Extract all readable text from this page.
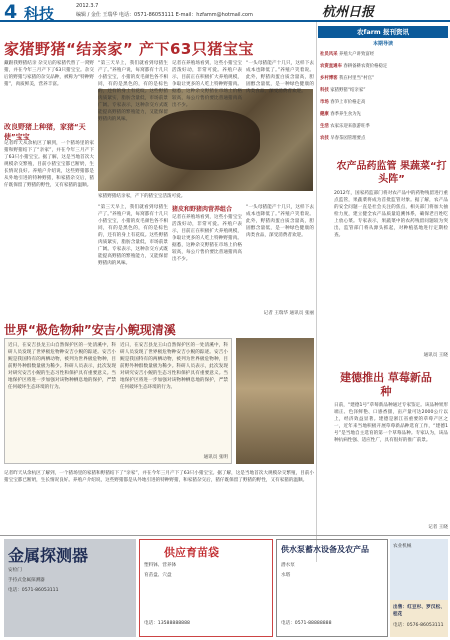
4 科技	2012.3.7
编辑 / 金仕 王瑞华 电话：0571-86053111 E-mail：hzfamm@hotmail.com	杭州日报
家猪野猪“结亲家” 产下63只猪宝宝
藏跟我野猪结亲 杂交后的家猪代替了一窝野猪，并在今年三月产下了63只猪宝宝。杂交后的野猪与家猪的杂交品种，被称为“特种野猪”，肉质鲜美，营养丰富。
改良野猪上种猪，家猪“天使”宝宝
记者昨天从余杭区了解到，一个猪场里的家猪和野猪结下了“亲家”，并在今年三月产下了63只小猪宝宝。据了解，这是当地首次大规模杂交繁殖，目前小猪宝宝都已断奶，生长情况良好。养殖户介绍说，这些野猪都是从外地引进的特种野猪，和家猪杂交后，猪仔既保留了野猪的野性，又有家猪的温顺。
家猪野猪结亲家，产下的猪宝宝活泼可爱。
“第三天早上，我们就看到母猪生产了。”养殖户说，每窝都有十几只小猪宝宝，小猪的皮毛颜色各不相同，有的是黑色的，有的是棕色的，还有的身上有花纹。这些野猪肉质紧实，脂肪含量低，市场前景广阔。专家表示，这种杂交方式既能提高野猪的繁殖能力，又能保留野猪肉的风味。
记者在养殖场看到，这些小猪宝宝活泼好动，非常可爱。养殖户表示，目前正在积极扩大养殖规模，争取让更多的人吃上特种野猪肉。据悉，这种杂交野猪在市场上价格较高，每公斤售价要比普通猪肉高出不少。
“一头母猪能产十几只，这样下去成本也降低了。”养殖户笑着说。此外，野猪肉蛋白质含量高，胆固醇含量低，是一种绿色健康的肉类食品，深受消费者欢迎。
“第三天早上，我们就看到母猪生产了。”养殖户说，每窝都有十几只小猪宝宝，小猪的皮毛颜色各不相同，有的是黑色的，有的是棕色的，还有的身上有花纹。这些野猪肉质紧实，脂肪含量低，市场前景广阔。专家表示，这种杂交方式既能提高野猪的繁殖能力，又能保留野猪肉的风味。
猪皮和野猪肉营养组合
记者在养殖场看到，这些小猪宝宝活泼好动，非常可爱。养殖户表示，目前正在积极扩大养殖规模，争取让更多的人吃上特种野猪肉。据悉，这种杂交野猪在市场上价格较高，每公斤售价要比普通猪肉高出不少。
“一头母猪能产十几只，这样下去成本也降低了。”养殖户笑着说。此外，野猪肉蛋白质含量高，胆固醇含量低，是一种绿色健康的肉类食品，深受消费者欢迎。
记者 王瑞华 通讯员 张丽
农farm 报刊资讯
本期导读
社员风采 养殖大户讲致富经
农资直通车 春耕备耕农资价格稳定
乡村博客 我在村里当“村官”
科技 家猪野猪“结亲家”
市场 春笋上市价格走高
健康 春季养生食为先
生活 农家乐迎来旅游旺季
农技 早春茶园管理要点
农产品药监管 果蔬菜“打头阵”
2012年，国家药监部门将对农产品中的药物残留进行重点监管，果蔬菜将成为首批监管对象。据了解，农产品的安全问题一直是社会关注的焦点，相关部门将加大抽检力度，建立健全农产品质量追溯体系，确保老百姓吃上放心菜。专家表示，果蔬菜中的农药残留问题较为突出，监管部门将从源头抓起，对种植基地进行定期检查。
通讯员 王晓
建德推出 草莓新品种
日前，“建德1号”草莓新品种通过专家鉴定。该品种果形端正、色泽鲜艳、口感香甜，亩产量可达2000公斤以上，经济效益显著。建德是浙江省重要的草莓产区之一，近年来当地积极开展草莓新品种选育工作，“建德1号”是当地自主选育的第一个草莓品种。专家认为，该品种抗病性强、适应性广，具有很好的推广前景。
记者 王晓
世界“极危物种”安吉小鲵现清溪
近日，在安吉县龙王山自然保护区的一处清溪中，科研人员发现了世界极危物种安吉小鲵的踪迹。安吉小鲵是我国特有的两栖动物，被列为世界极危物种，目前野外种群数量极为稀少。科研人员表示，此次发现对研究安吉小鲵的生态习性和保护具有重要意义。当地保护区将进一步加强对该物种栖息地的保护，严禁任何破坏生态环境的行为。
近日，在安吉县龙王山自然保护区的一处清溪中，科研人员发现了世界极危物种安吉小鲵的踪迹。安吉小鲵是我国特有的两栖动物，被列为世界极危物种，目前野外种群数量极为稀少。科研人员表示，此次发现对研究安吉小鲵的生态习性和保护具有重要意义。当地保护区将进一步加强对该物种栖息地的保护，严禁任何破坏生态环境的行为。
通讯员 张明
记者昨天从余杭区了解到，一个猪场里的家猪和野猪结下了“亲家”，并在今年三月产下了63只小猪宝宝。据了解，这是当地首次大规模杂交繁殖，目前小猪宝宝都已断奶，生长情况良好。养殖户介绍说，这些野猪都是从外地引进的特种野猪，和家猪杂交后，猪仔既保留了野猪的野性，又有家猪的温顺。
金属探测器
安检门
手持式金属探测器
电话：0571-86053111
供应育苗袋
塑料钵、营养钵
育苗盘、穴盘
电话：13588888888
供水泵蓄水设备及农产品
潜水泵
水塔
电话：0571-88888888
农业机械
出售：红豆杉、罗汉松、桂花
电话：0576-86053111
